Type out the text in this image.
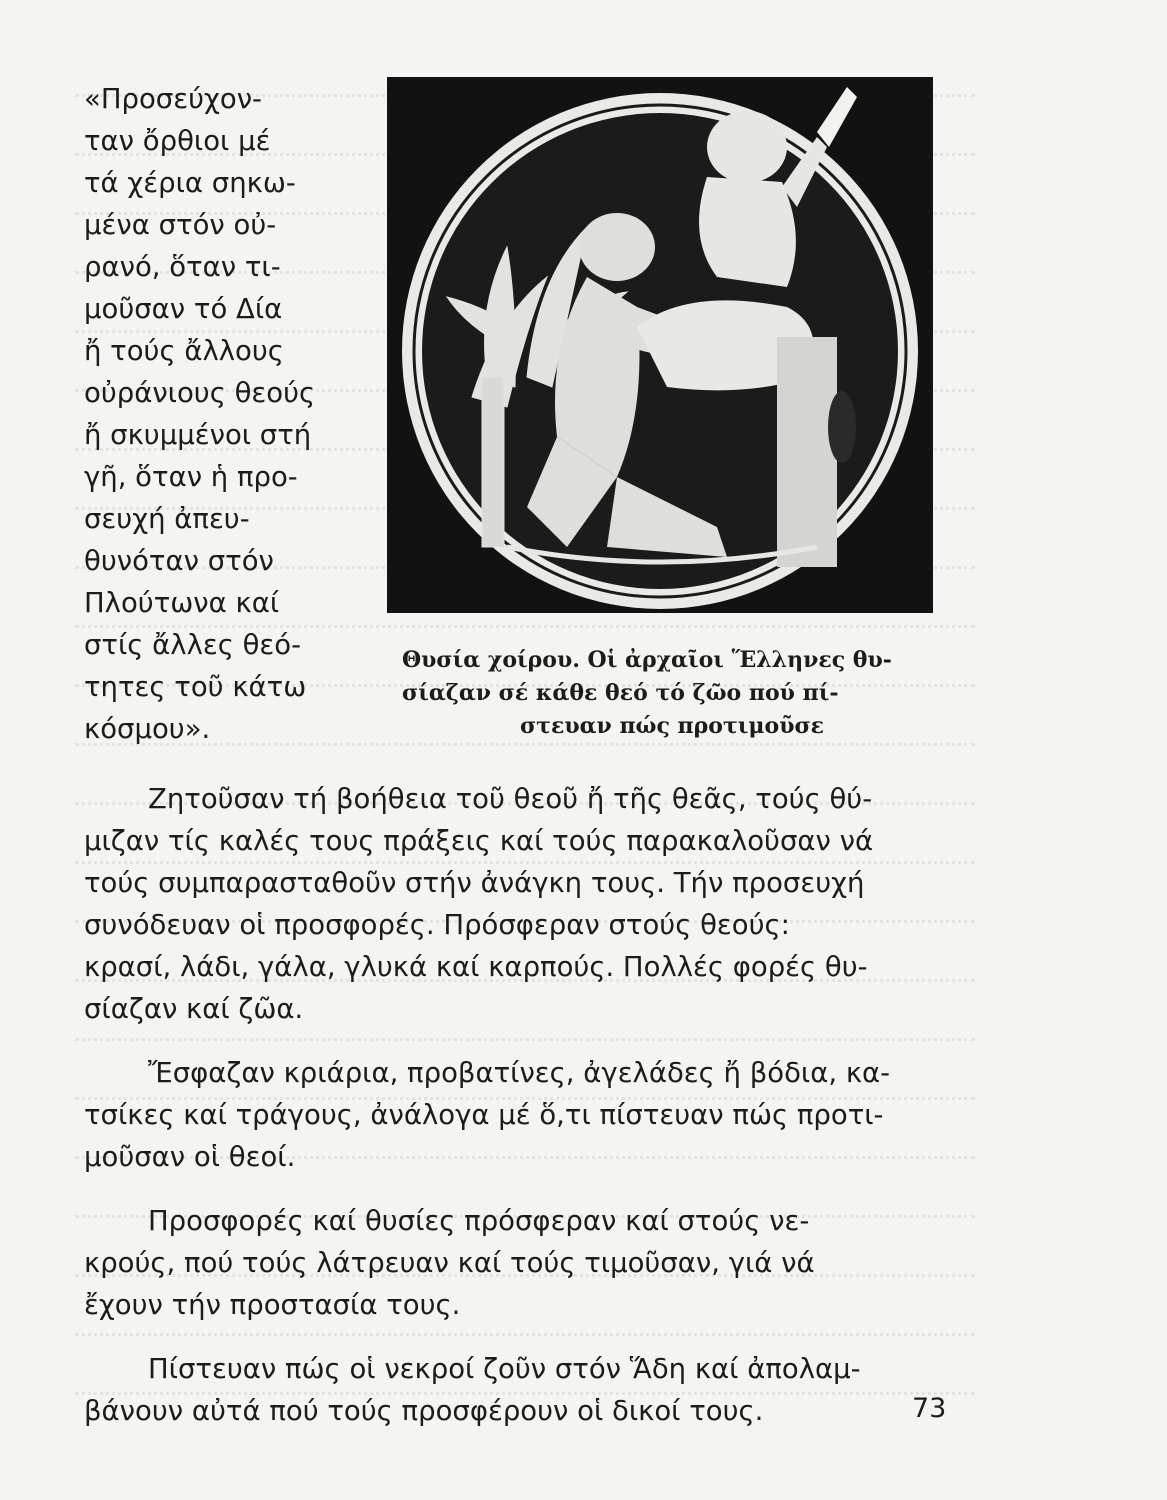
«Προσεύχον-

ταν ὄρθιοι μέ

τά χέρια σηκω-

μένα στόν οὐ-

ρανό, ὅταν τι-

μοῦσαν τό Δία

ἤ τούς ἄλλους

οὐράνιους θεούς

ἤ σκυμμένοι στή

γῆ, ὅταν ἡ προ-

σευχή ἀπευ-

θυνόταν στόν

Πλούτωνα καί

στίς ἄλλες θεό-

τητες τοῦ κάτω

κόσμου».

Θυσία χοίρου. Οἱ ἀρχαῖοι Ἕλληνες θυ-
σίαζαν σέ κάθε θεό τό ζῶο πού πί-
στευαν πώς προτιμοῦσε
Ζητοῦσαν τή βοήθεια τοῦ θεοῦ ἤ τῆς θεᾶς, τούς θύ-
μιζαν τίς καλές τους πράξεις καί τούς παρακαλοῦσαν νά
τούς συμπαρασταθοῦν στήν ἀνάγκη τους. Τήν προσευχή
συνόδευαν οἱ προσφορές. Πρόσφεραν στούς θεούς:
κρασί, λάδι, γάλα, γλυκά καί καρπούς. Πολλές φορές θυ-
σίαζαν καί ζῶα.
Ἔσφαζαν κριάρια, προβατίνες, ἀγελάδες ἤ βόδια, κα-
τσίκες καί τράγους, ἀνάλογα μέ ὅ,τι πίστευαν πώς προτι-
μοῦσαν οἱ θεοί.
Προσφορές καί θυσίες πρόσφεραν καί στούς νε-
κρούς, πού τούς λάτρευαν καί τούς τιμοῦσαν, γιά νά
ἔχουν τήν προστασία τους.
Πίστευαν πώς οἱ νεκροί ζοῦν στόν Ἅδη καί ἀπολαμ-
βάνουν αὐτά πού τούς προσφέρουν οἱ δικοί τους.	73
